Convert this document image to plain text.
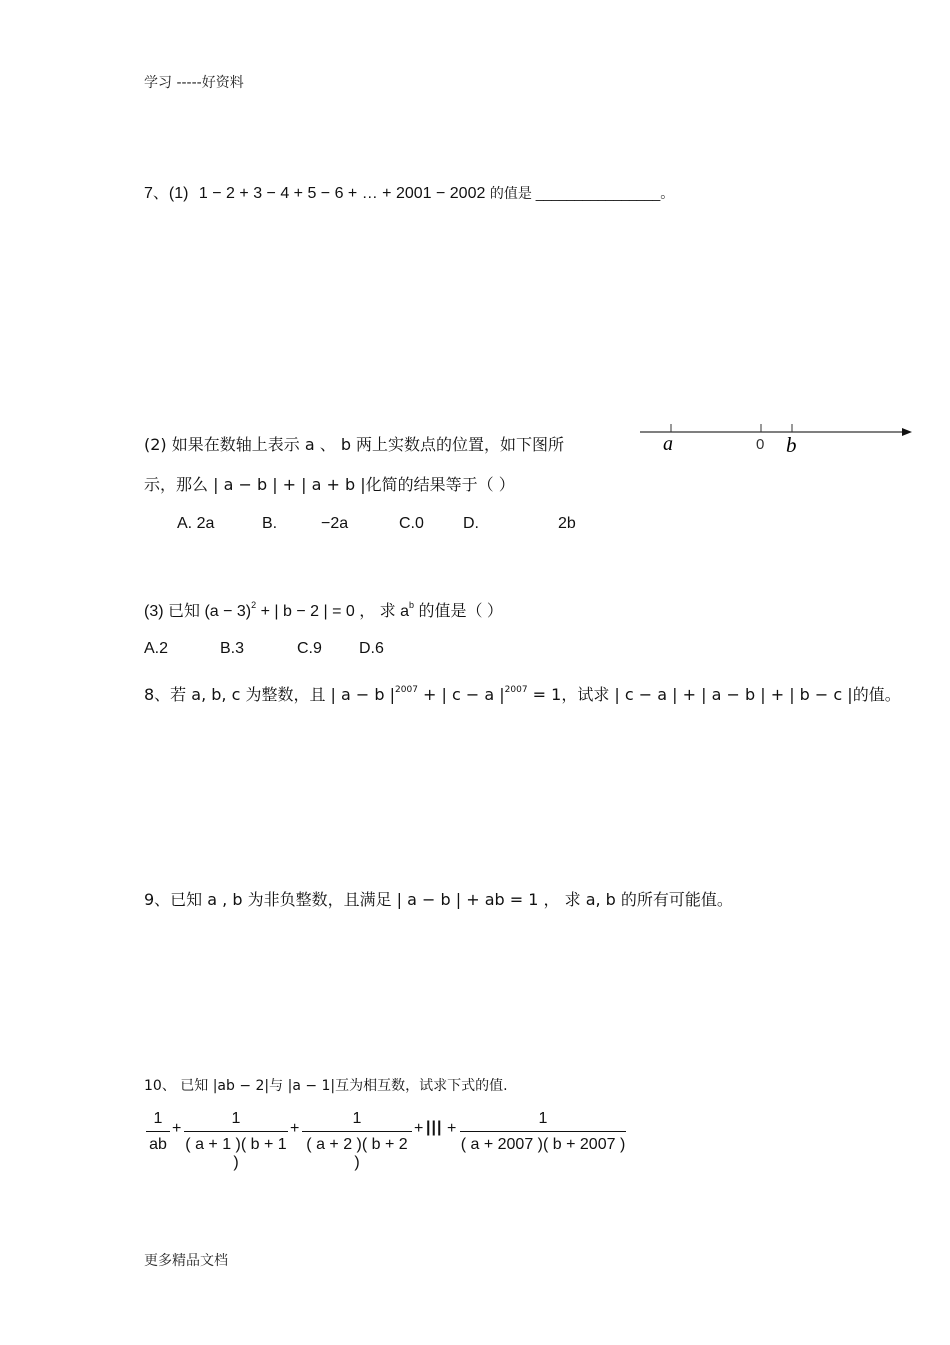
学习 -----好资料
7、(1) 1 − 2 + 3 − 4 + 5 − 6 + … + 2001 − 2002 的值是 ________________。
(2) 如果在数轴上表示 a 、 b 两上实数点的位置，如下图所
示，那么 | a − b | + | a + b |化简的结果等于（ ）
a	0 b
A. 2a	B.	−2a	C.0 D.	2b
(3) 已知 $(a - 3)^2$ + | b − 2 | = 0 ， 求 $a^b$ 的值是（ ）
A.2	B.3	C.9 D.6
8、若 a, b, c 为整数，且 | a − b $|^{2007}$ + | c − a $|^{2007} = 1$，试求 | c − a | + | a − b | + | b − c |的值。
9、已知 a , b 为非负整数，且满足 | a − b | + ab = 1 ， 求 a, b 的所有可能值。
10、 已知 |ab − 2|与 |a − 1|互为相互数，试求下式的值.
1
ab
+
1
( a + 1 )( b + 1 )
+
1
( a + 2 )( b + 2 )
+ ||| +
1
( a + 2007 )( b + 2007 )
更多精品文档
